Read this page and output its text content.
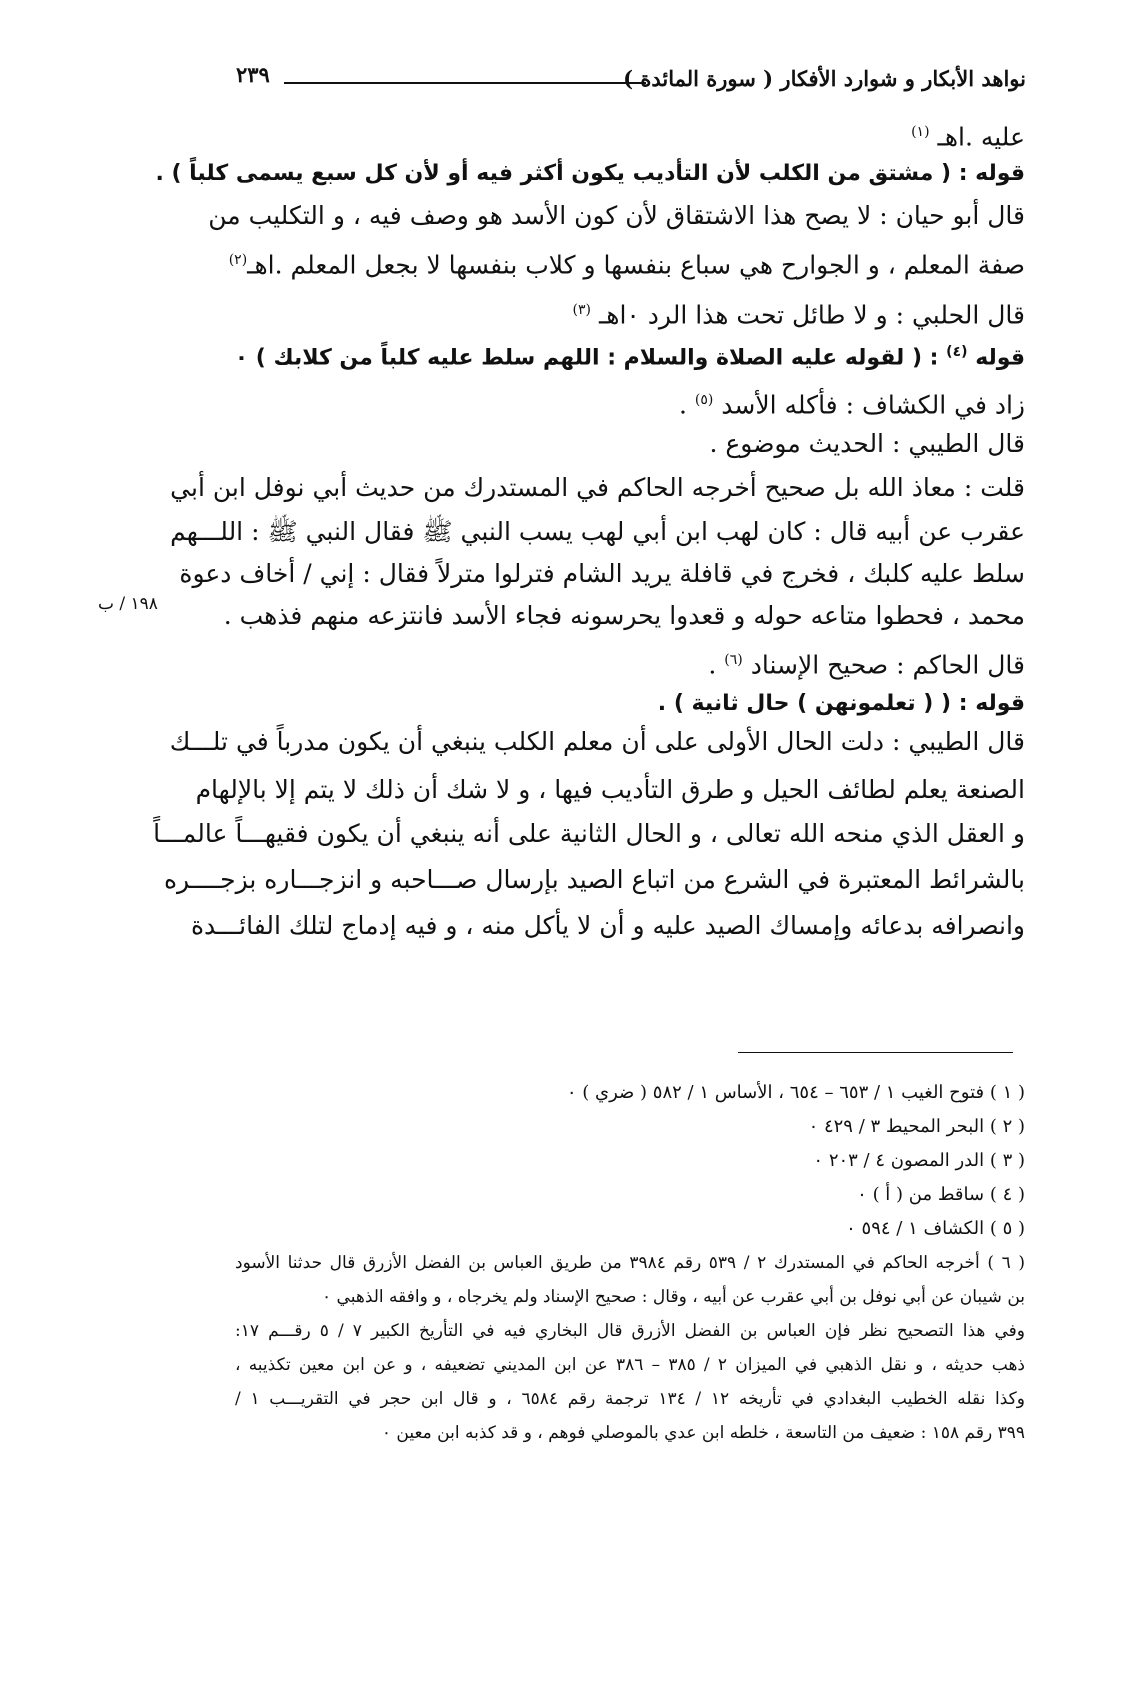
نواهد الأبكار و شوارد الأفكار ( سورة المائدة )
٢٣٩
١٩٨ / ب
عليه .اهـ $^{(١)}$
قوله : ( مشتق من الكلب لأن التأديب يكون أكثر فيه أو لأن كل سبع يسمى كلباً ) .
قال أبو حيان : لا يصح هذا الاشتقاق لأن كون الأسد هو وصف فيه ، و التكليب من
صفة المعلم ، و الجوارح هي سباع بنفسها و كلاب بنفسها لا بجعل المعلم .اهـ$^{(٢)}$
قال الحلبي : و لا طائل تحت هذا الرد ٠اهـ $^{(٣)}$
قوله $^{(٤)}$ : ( لقوله عليه الصلاة والسلام : اللهم سلط عليه كلباً من كلابك ) ٠
زاد في الكشاف : فأكله الأسد $^{(٥)}$ .
قال الطيبي : الحديث موضوع .
قلت : معاذ الله بل صحيح أخرجه الحاكم في المستدرك من حديث أبي نوفل ابن أبي
عقرب عن أبيه قال : كان لهب ابن أبي لهب يسب النبي ﷺ فقال النبي ﷺ : اللـــهم
سلط عليه كلبك ، فخرج في قافلة يريد الشام فترلوا مترلاً فقال : إني / أخاف دعوة
محمد ، فحطوا متاعه حوله و قعدوا يحرسونه فجاء الأسد فانتزعه منهم فذهب .
قال الحاكم : صحيح الإسناد $^{(٦)}$ .
قوله : ( ( تعلمونهن ) حال ثانية ) .
قال الطيبي : دلت الحال الأولى على أن معلم الكلب ينبغي أن يكون مدرباً في تلـــك
الصنعة يعلم لطائف الحيل و طرق التأديب فيها ، و لا شك أن ذلك لا يتم إلا بالإلهام
و العقل الذي منحه الله تعالى ، و الحال الثانية على أنه ينبغي أن يكون فقيهـــاً عالمـــاً
بالشرائط المعتبرة في الشرع من اتباع الصيد بإرسال صـــاحبه و انزجـــاره بزجــــره
وانصرافه بدعائه وإمساك الصيد عليه و أن لا يأكل منه ، و فيه إدماج لتلك الفائـــدة
( ١ ) فتوح الغيب ١ / ٦٥٣ – ٦٥٤ ، الأساس ١ / ٥٨٢ ( ضري ) ٠
( ٢ ) البحر المحيط ٣ / ٤٢٩ ٠
( ٣ ) الدر المصون ٤ / ٢٠٣ ٠
( ٤ ) ساقط من ( أ ) ٠
( ٥ ) الكشاف ١ / ٥٩٤ ٠
( ٦ ) أخرجه الحاكم في المستدرك ٢ / ٥٣٩ رقم ٣٩٨٤ من طريق العباس بن الفضل الأزرق قال حدثنا الأسود
بن شيبان عن أبي نوفل بن أبي عقرب عن أبيه ، وقال : صحيح الإسناد ولم يخرجاه ، و وافقه الذهبي ٠
وفي هذا التصحيح نظر فإن العباس بن الفضل الأزرق قال البخاري فيه في التأريخ الكبير ٧ / ٥ رقـــم ١٧:
ذهب حديثه ، و نقل الذهبي في الميزان ٢ / ٣٨٥ – ٣٨٦ عن ابن المديني تضعيفه ، و عن ابن معين تكذيبه ،
وكذا نقله الخطيب البغدادي في تأريخه ١٢ / ١٣٤ ترجمة رقم ٦٥٨٤ ، و قال ابن حجر في التقريـــب ١ /
٣٩٩ رقم ١٥٨ : ضعيف من التاسعة ، خلطه ابن عدي بالموصلي فوهم ، و قد كذبه ابن معين ٠
